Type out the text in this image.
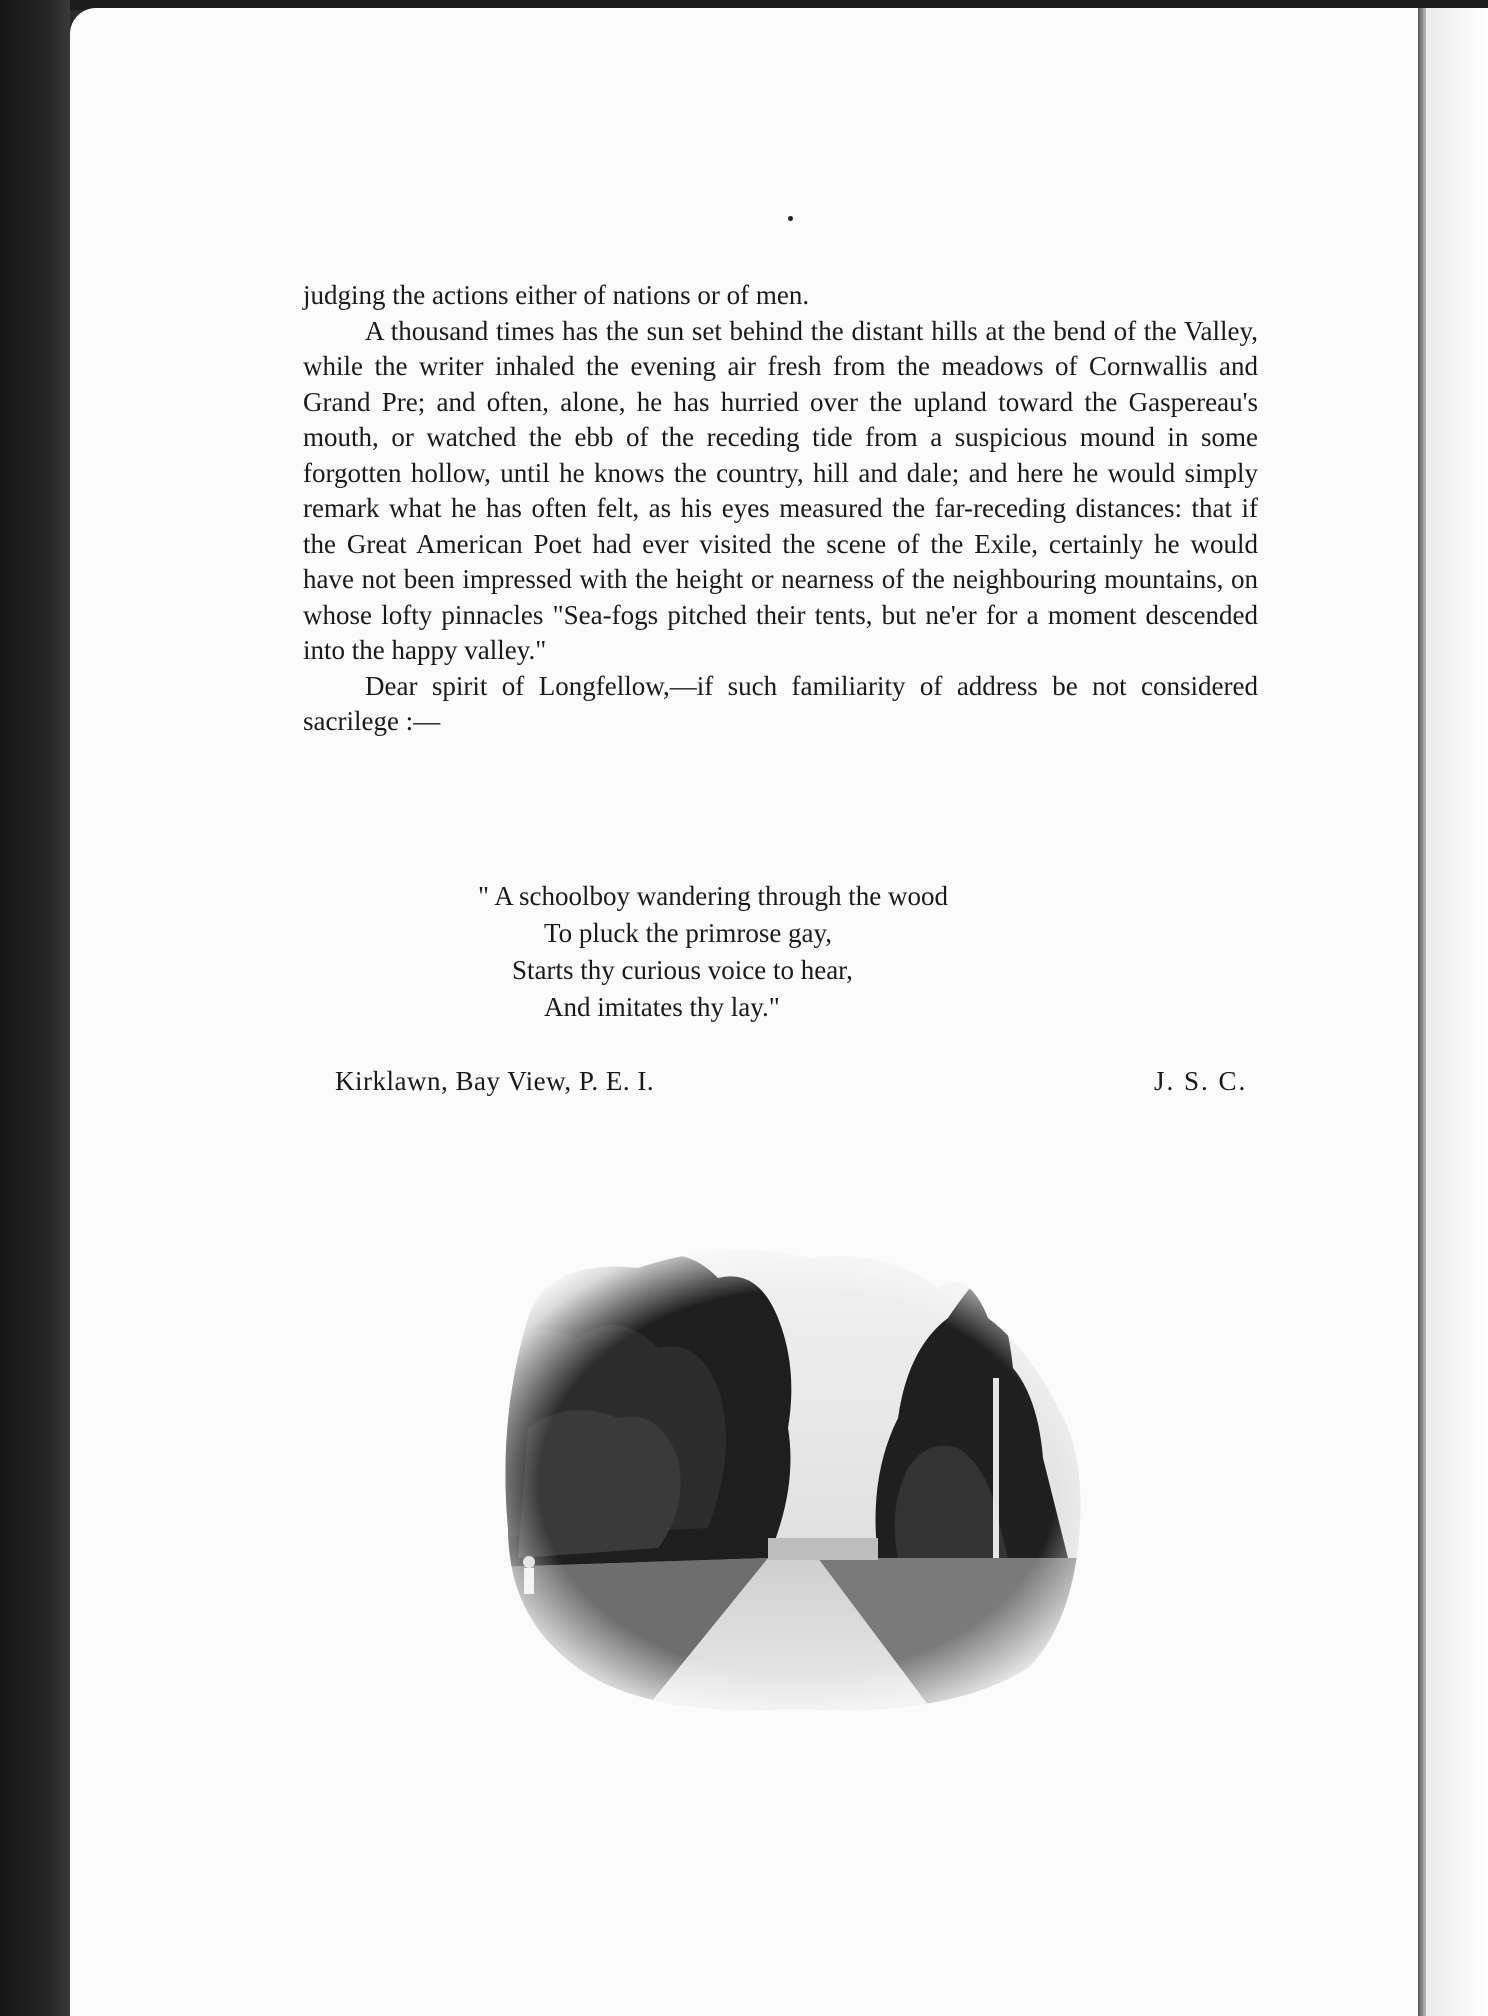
judging the actions either of nations or of men.

A thousand times has the sun set behind the distant hills at the bend of the Valley, while the writer inhaled the evening air fresh from the meadows of Cornwallis and Grand Pre; and often, alone, he has hurried over the upland toward the Gaspereau's mouth, or watched the ebb of the receding tide from a suspicious mound in some forgotten hollow, until he knows the country, hill and dale; and here he would simply remark what he has often felt, as his eyes measured the far-receding distances: that if the Great American Poet had ever visited the scene of the Exile, certainly he would have not been impressed with the height or nearness of the neighbouring mountains, on whose lofty pinnacles "Sea-fogs pitched their tents, but ne'er for a moment descended into the happy valley."

Dear spirit of Longfellow,—if such familiarity of address be not considered sacrilege :—

" A schoolboy wandering through the wood
To pluck the primrose gay,
Starts thy curious voice to hear,
And imitates thy lay."
Kirklawn, Bay View, P. E. I.	J. S. C.
